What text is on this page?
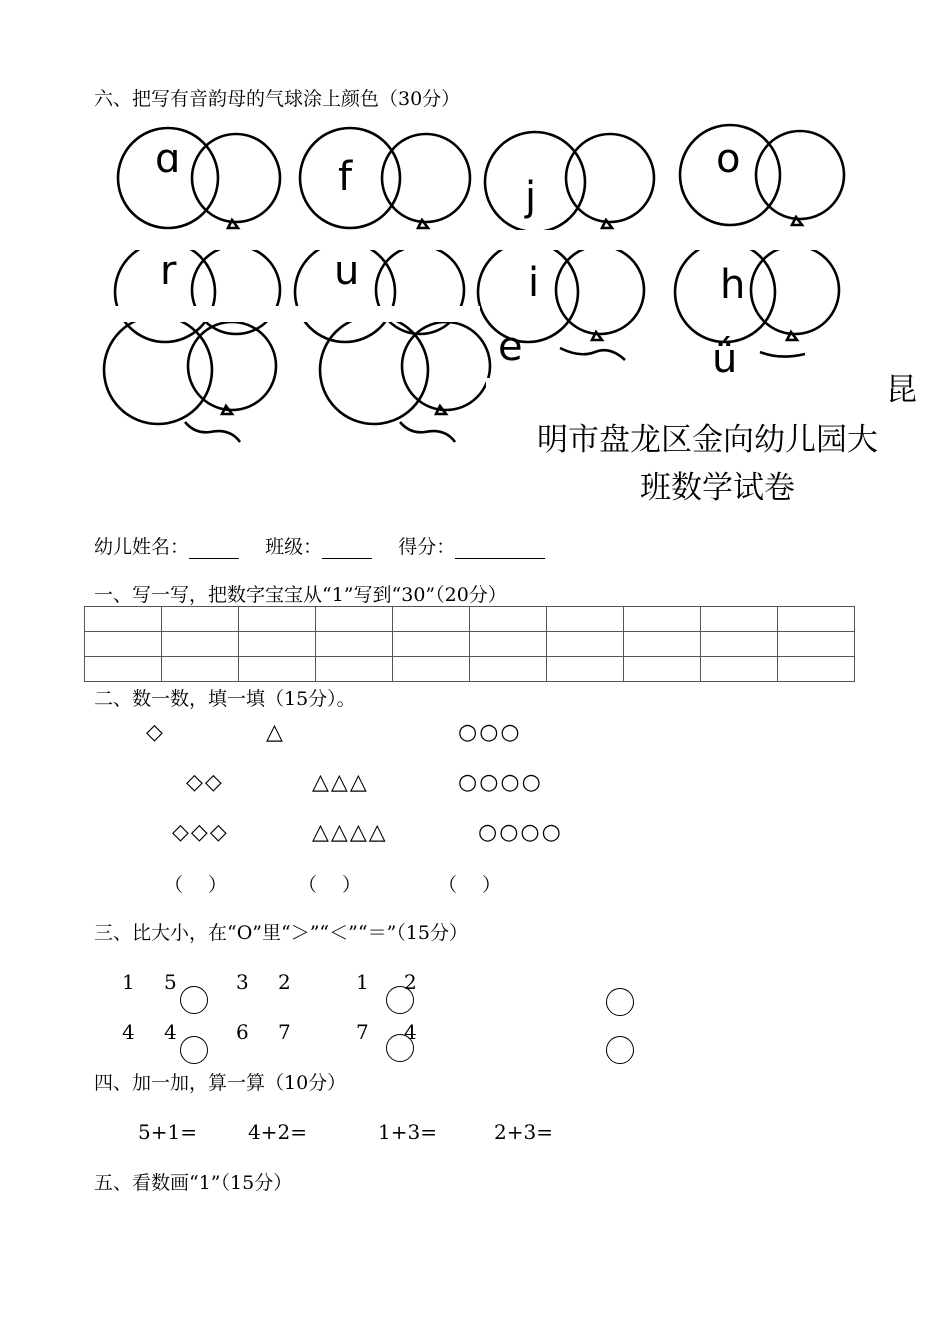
六、把写有音韵母的气球涂上颜色（30分）
ɑ	f	j
o
r	u	i	h
e	ǘ
昆
明市盘龙区金向幼儿园大
班数学试卷
幼儿姓名：	班级：	得分：
一、写一写，把数字宝宝从“1”写到“30”（20分）

二、数一数，填一填（15分）。
◇	△	○○○
◇◇	△△△	○○○○
◇◇◇	△△△△	○○○○
（　 ）	（　 ）	（　 ）
三、比大小，在“O”里“＞”“＜”“＝”（15分）
1 5	3 2	1 2
4 4	6 7	7 4
四、加一加，算一算（10分）
5+1=	4+2=	1+3=	2+3=
五、看数画“1”（15分）
